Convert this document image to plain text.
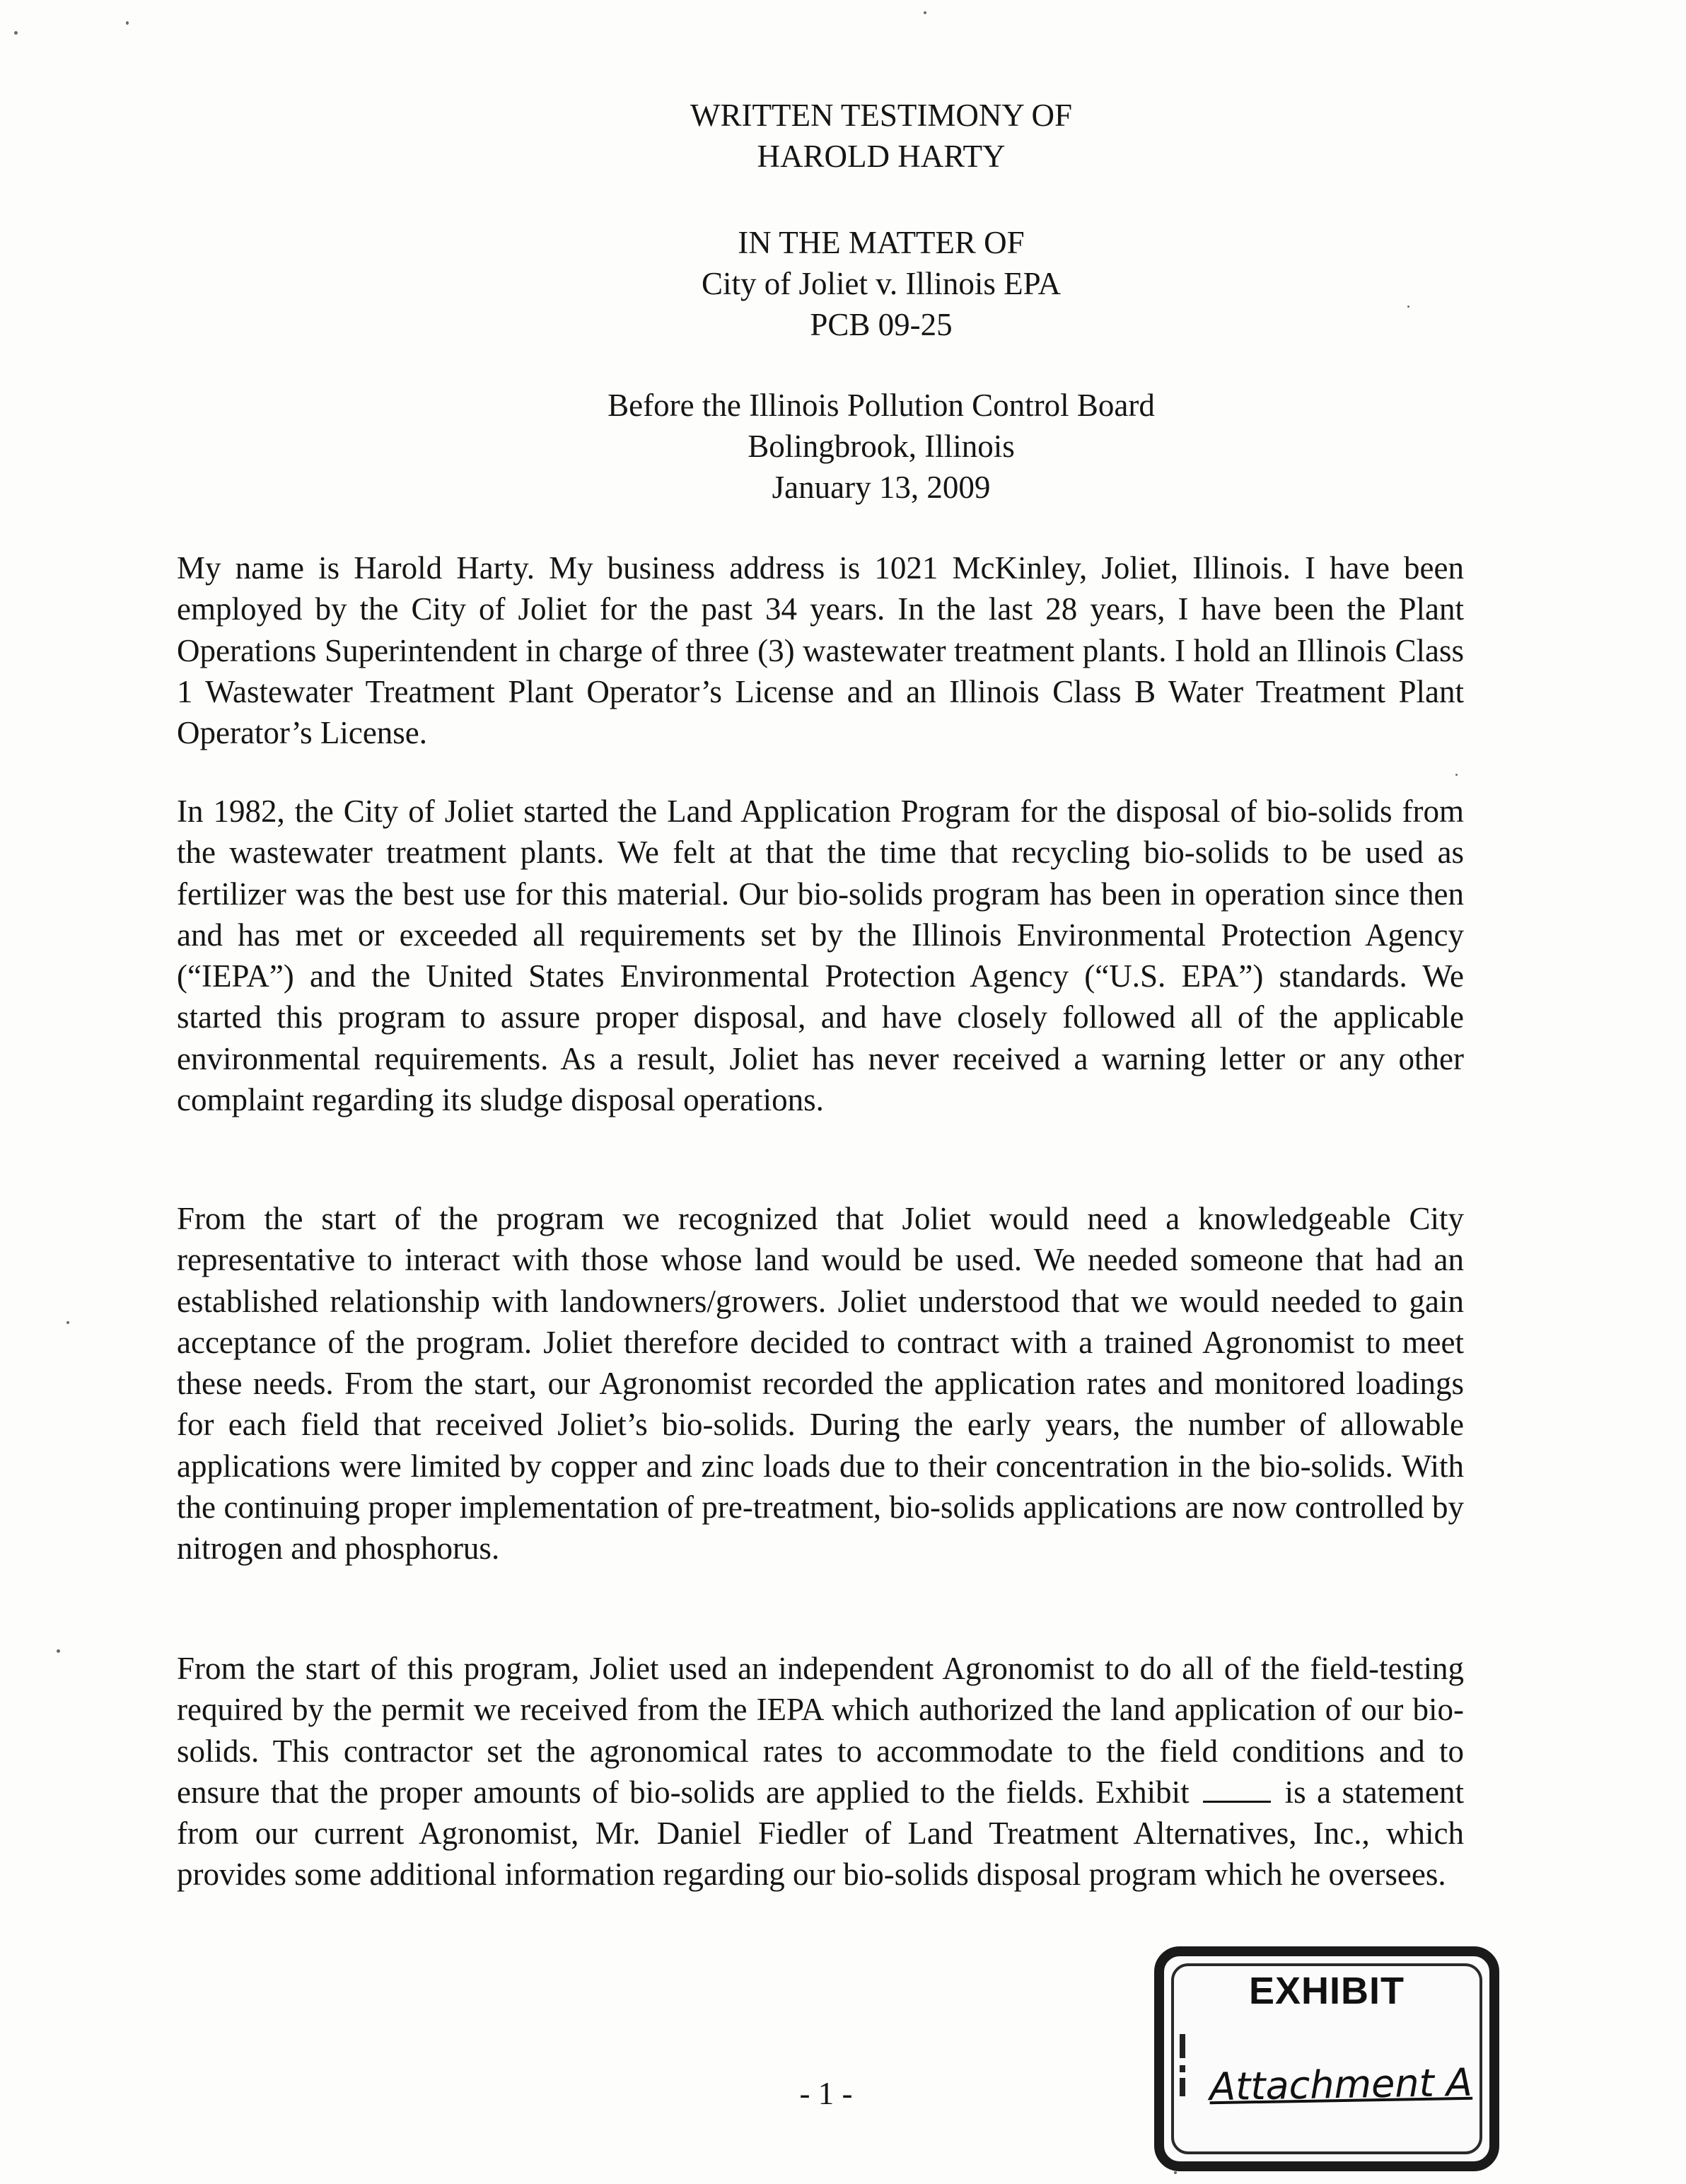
WRITTEN TESTIMONY OF
HAROLD HARTY
IN THE MATTER OF
City of Joliet v. Illinois EPA
PCB 09-25
Before the Illinois Pollution Control Board
Bolingbrook, Illinois
January 13, 2009

My name is Harold Harty. My business address is 1021 McKinley, Joliet, Illinois. I have been employed by the City of Joliet for the past 34 years. In the last 28 years, I have been the Plant Operations Superintendent in charge of three (3) wastewater treatment plants. I hold an Illinois Class 1 Wastewater Treatment Plant Operator’s License and an Illinois Class B Water Treatment Plant Operator’s License.

In 1982, the City of Joliet started the Land Application Program for the disposal of bio-solids from the wastewater treatment plants. We felt at that the time that recycling bio-solids to be used as fertilizer was the best use for this material. Our bio-solids program has been in operation since then and has met or exceeded all requirements set by the Illinois Environmental Protection Agency (“IEPA”) and the United States Environmental Protection Agency (“U.S. EPA”) standards. We started this program to assure proper disposal, and have closely followed all of the applicable environmental requirements. As a result, Joliet has never received a warning letter or any other complaint regarding its sludge disposal operations.

From the start of the program we recognized that Joliet would need a knowledgeable City representative to interact with those whose land would be used. We needed someone that had an established relationship with landowners/growers. Joliet understood that we would needed to gain acceptance of the program. Joliet therefore decided to contract with a trained Agronomist to meet these needs. From the start, our Agronomist recorded the application rates and monitored loadings for each field that received Joliet’s bio-solids. During the early years, the number of allowable applications were limited by copper and zinc loads due to their concentration in the bio-solids. With the continuing proper implementation of pre-treatment, bio-solids applications are now controlled by nitrogen and phosphorus.

From the start of this program, Joliet used an independent Agronomist to do all of the field-testing required by the permit we received from the IEPA which authorized the land application of our bio-solids. This contractor set the agronomical rates to accommodate to the field conditions and to ensure that the proper amounts of bio-solids are applied to the fields. Exhibit	is a statement from our current Agronomist, Mr. Daniel Fiedler of Land Treatment Alternatives, Inc., which provides some additional information regarding our bio-solids disposal program which he oversees.

- 1 -
EXHIBIT
Attachment A
